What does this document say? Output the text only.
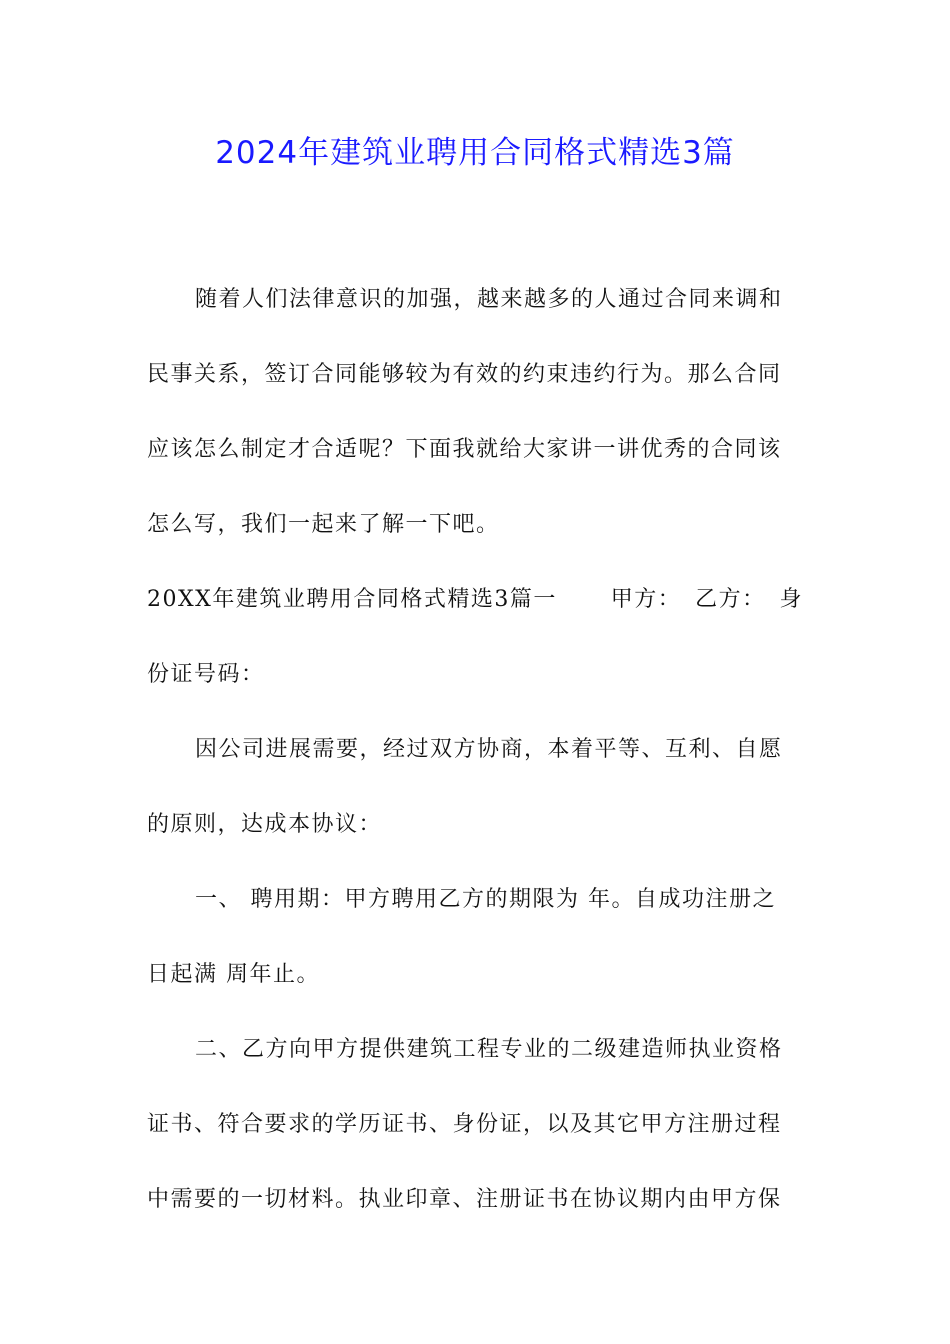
2024年建筑业聘用合同格式精选3篇

随着人们法律意识的加强，越来越多的人通过合同来调和

民事关系，签订合同能够较为有效的约束违约行为。那么合同

应该怎么制定才合适呢？下面我就给大家讲一讲优秀的合同该

怎么写，我们一起来了解一下吧。

20XX年建筑业聘用合同格式精选3篇一 甲方： 乙方： 身

份证号码：

因公司进展需要，经过双方协商，本着平等、互利、自愿

的原则，达成本协议：

一、 聘用期：甲方聘用乙方的期限为 年。自成功注册之

日起满 周年止。

二、乙方向甲方提供建筑工程专业的二级建造师执业资格

证书、符合要求的学历证书、身份证，以及其它甲方注册过程

中需要的一切材料。执业印章、注册证书在协议期内由甲方保
